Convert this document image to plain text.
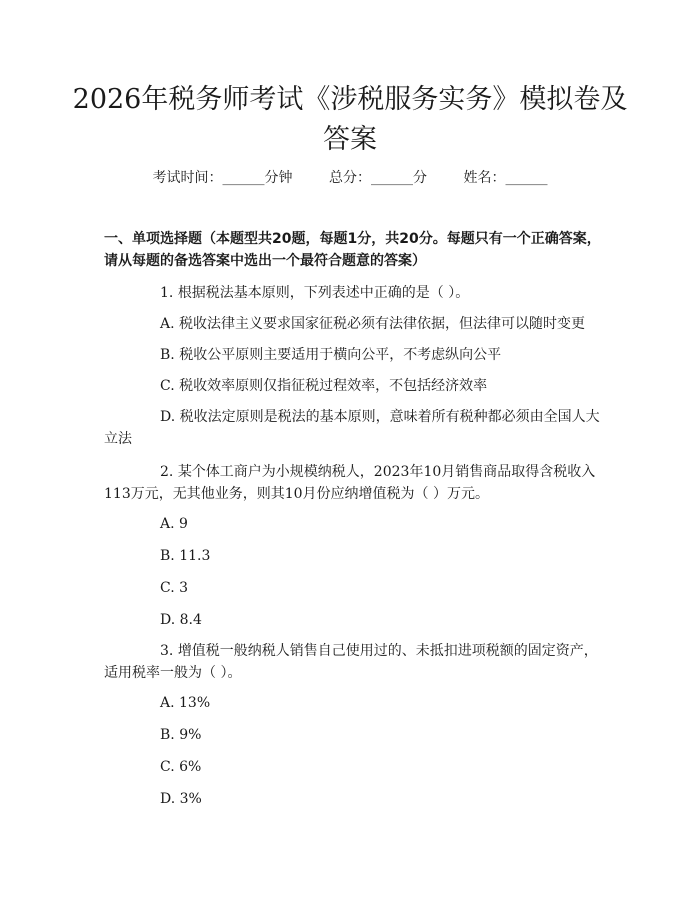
2026年税务师考试《涉税服务实务》模拟卷及答案
考试时间：______分钟	总分：______分	姓名：______

一、单项选择题（本题型共20题，每题1分，共20分。每题只有一个正确答案，请从每题的备选答案中选出一个最符合题意的答案）

1. 根据税法基本原则，下列表述中正确的是（ ）。
A. 税收法律主义要求国家征税必须有法律依据，但法律可以随时变更
B. 税收公平原则主要适用于横向公平，不考虑纵向公平
C. 税收效率原则仅指征税过程效率，不包括经济效率
D. 税收法定原则是税法的基本原则，意味着所有税种都必须由全国人大立法
2. 某个体工商户为小规模纳税人，2023年10月销售商品取得含税收入113万元，无其他业务，则其10月份应纳增值税为（ ）万元。
A. 9
B. 11.3
C. 3
D. 8.4
3. 增值税一般纳税人销售自己使用过的、未抵扣进项税额的固定资产，适用税率一般为（ ）。
A. 13%
B. 9%
C. 6%
D. 3%
